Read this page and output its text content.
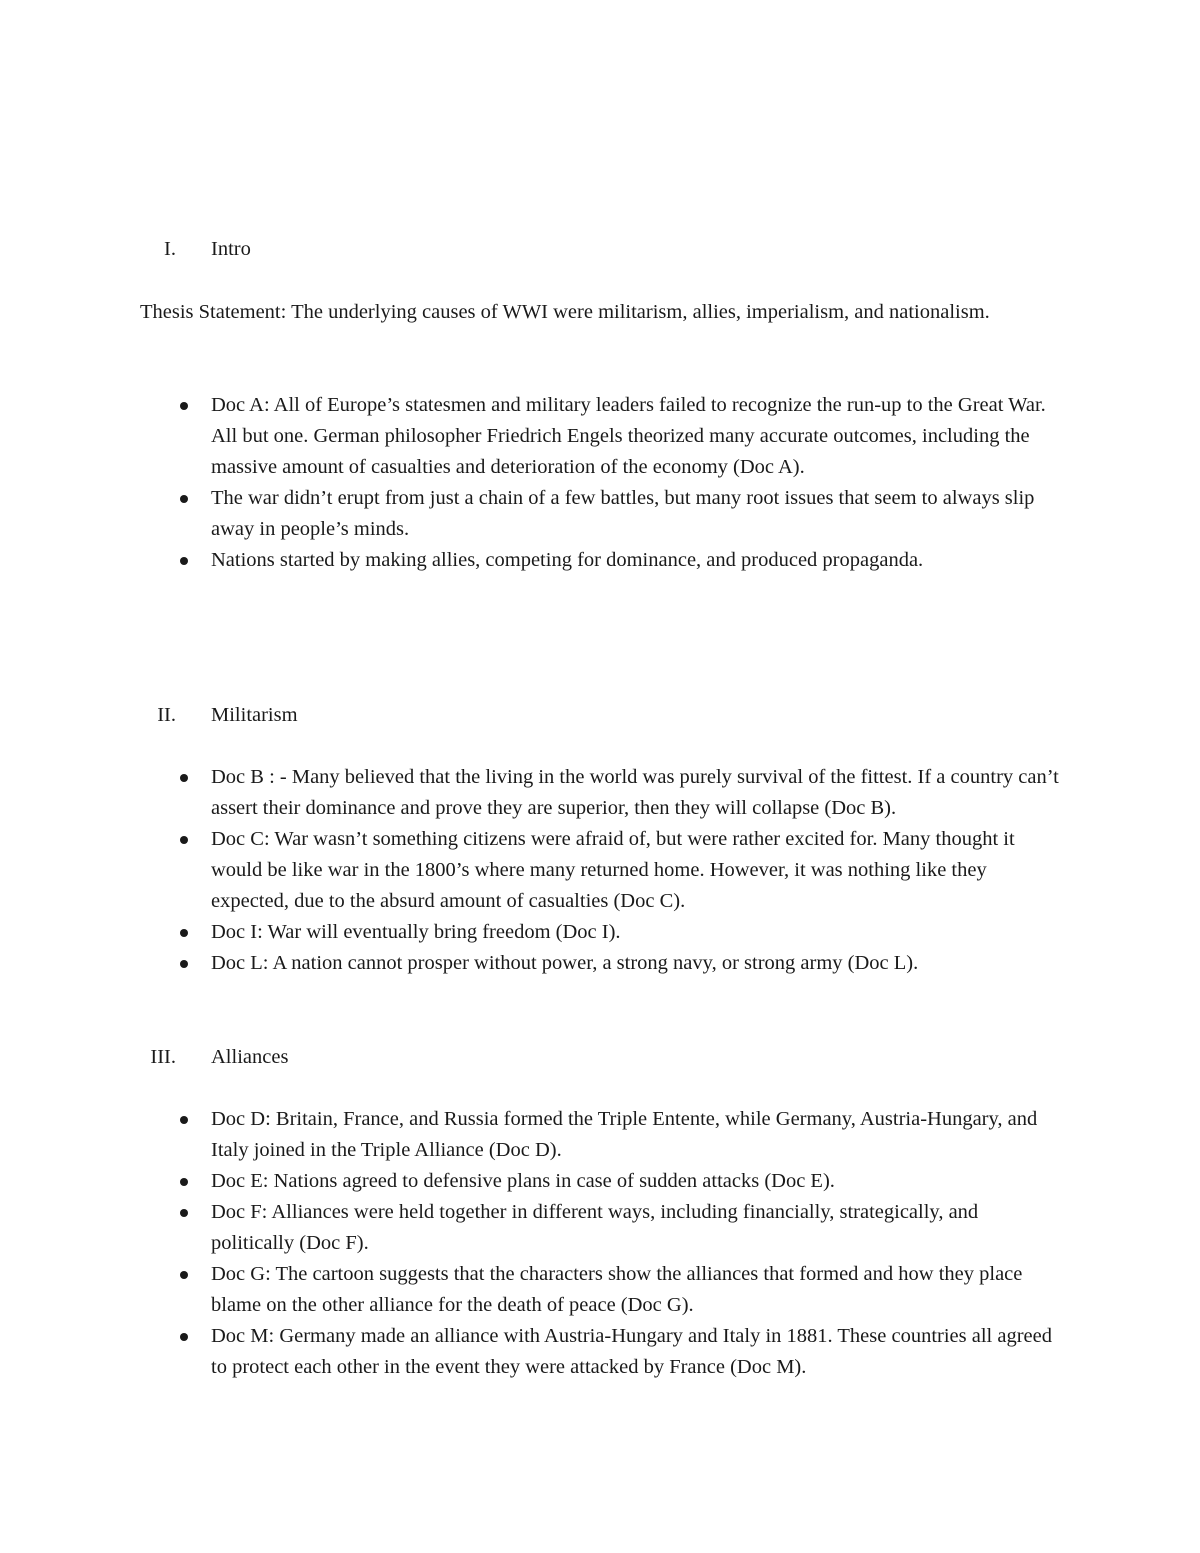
I. Intro
Thesis Statement: The underlying causes of WWI were militarism, allies, imperialism, and nationalism.
Doc A: All of Europe’s statesmen and military leaders failed to recognize the run-up to the Great War. All but one. German philosopher Friedrich Engels theorized many accurate outcomes, including the massive amount of casualties and deterioration of the economy (Doc A).
The war didn’t erupt from just a chain of a few battles, but many root issues that seem to always slip away in people’s minds.
Nations started by making allies, competing for dominance, and produced propaganda.
II. Militarism
Doc B : - Many believed that the living in the world was purely survival of the fittest. If a country can’t assert their dominance and prove they are superior, then they will collapse (Doc B).
Doc C: War wasn’t something citizens were afraid of, but were rather excited for. Many thought it would be like war in the 1800’s where many returned home. However, it was nothing like they expected, due to the absurd amount of casualties (Doc C).
Doc I: War will eventually bring freedom (Doc I).
Doc L: A nation cannot prosper without power, a strong navy, or strong army (Doc L).
III. Alliances
Doc D: Britain, France, and Russia formed the Triple Entente, while Germany, Austria-Hungary, and Italy joined in the Triple Alliance (Doc D).
Doc E: Nations agreed to defensive plans in case of sudden attacks (Doc E).
Doc F: Alliances were held together in different ways, including financially, strategically, and politically (Doc F).
Doc G: The cartoon suggests that the characters show the alliances that formed and how they place blame on the other alliance for the death of peace (Doc G).
Doc M: Germany made an alliance with Austria-Hungary and Italy in 1881. These countries all agreed to protect each other in the event they were attacked by France (Doc M).
